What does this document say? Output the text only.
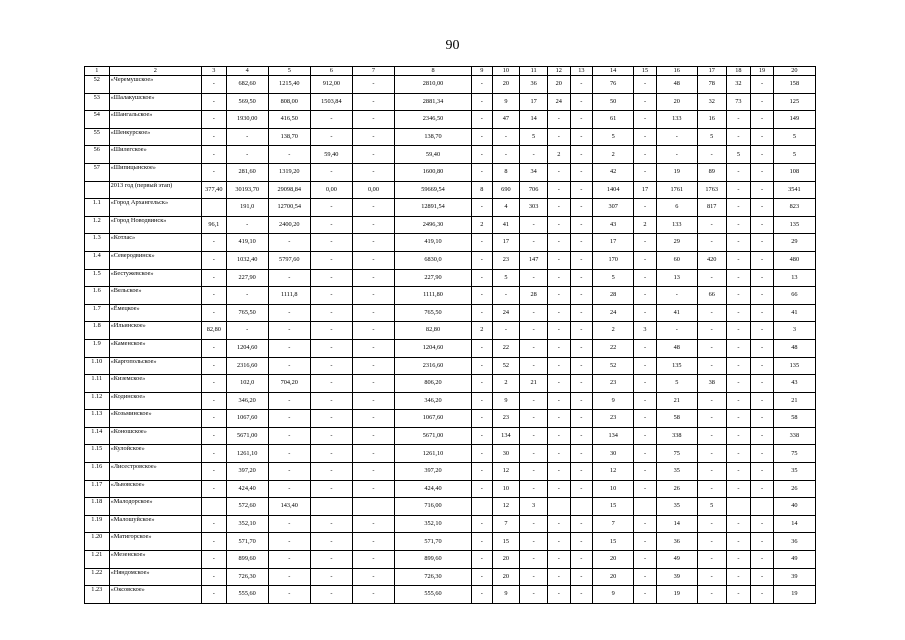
90
1	2	3	4	5	6	7	8	9	10	11	12	13	14	15	16	17	18	19	20
52	«Черемушское»	-	682,60	1215,40	912,00	-	2810,00	-	20	36	20	-	76	-	48	78	32	-	158
53	«Шалакушское»	-	569,50	808,00	1503,84	-	2881,34	-	9	17	24	-	50	-	20	32	73	-	125
54	«Шангальское»	-	1930,00	416,50	-	-	2346,50	-	47	14	-	-	61	-	133	16	-	-	149
55	«Шенкурское»	-	-	138,70	-	-	138,70	-	-	5	-	-	5	-	-	5	-	-	5
56	«Шилегское»	-	-	-	59,40	-	59,40	-	-	-	2	-	2	-	-	-	5	-	5
57	«Шипицынское»	-	281,60	1319,20	-	-	1600,80	-	8	34	-	-	42	-	19	89	-	-	108
	2013 год (первый этап)	377,40	30193,70	29098,84	0,00	0,00	59669,54	8	690	706	-	-	1404	17	1761	1763	-	-	3541
1.1	«Город Архангельск»		191,0	12700,54	-	-	12891,54	-	4	303	-	-	307	-	6	817	-	-	823
1.2	«Город Новодвинск»	96,1	-	2400,20	-	-	2496,30	2	41	-	-	-	43	2	133	-	-	-	135
1.3	«Котлас»	-	419,10	-	-	-	419,10	-	17	-	-	-	17	-	29	-	-	-	29
1.4	«Северодвинск»	-	1032,40	5797,60	-	-	6830,0	-	23	147	-	-	170	-	60	420	-	-	480
1.5	«Бестужевское»	-	227,90	-	-	-	227,90	-	5	-	-	-	5	-	13	-	-	-	13
1.6	«Вельское»	-	-	1111,8	-	-	1111,80	-	-	28	-	-	28	-	-	66	-	-	66
1.7	«Ёмецкое»	-	765,50	-	-	-	765,50	-	24	-	-	-	24	-	41	-	-	-	41
1.8	«Ильинское»	82,80	-	-	-	-	82,80	2	-	-	-	-	2	3	-	-	-	-	3
1.9	«Каменское»	-	1204,60	-	-	-	1204,60	-	22	-	-	-	22	-	48	-	-	-	48
1.10	«Каргопольское»	-	2316,60	-	-	-	2316,60	-	52	-	-	-	52	-	135	-	-	-	135
1.11	«Киземское»	-	102,0	704,20	-	-	806,20	-	2	21	-	-	23	-	5	38	-	-	43
1.12	«Кодинское»	-	346,20	-	-	-	346,20	-	9	-	-	-	9	-	21	-	-	-	21
1.13	«Козьминское»	-	1067,60	-	-	-	1067,60	-	23	-	-	-	23	-	58	-	-	-	58
1.14	«Коношское»	-	5671,00	-	-	-	5671,00	-	134	-	-	-	134	-	338	-	-	-	338
1.15	«Кулойское»	-	1261,10	-	-	-	1261,10	-	30	-	-	-	30	-	75	-	-	-	75
1.16	«Лисестровское»	-	397,20	-	-	-	397,20	-	12	-	-	-	12	-	35	-	-	-	35
1.17	«Львовское»	-	424,40	-	-	-	424,40	-	10	-	-	-	10	-	26	-	-	-	26
1.18	«Малодорское»		572,60	143,40			716,00		12	3			15		35	5			40
1.19	«Малошуйское»	-	352,10	-	-	-	352,10	-	7	-	-	-	7	-	14	-	-	-	14
1.20	«Матигорское»	-	571,70	-	-	-	571,70	-	15	-	-	-	15	-	36	-	-	-	36
1.21	«Мезенское»	-	899,60	-	-	-	899,60	-	20	-	-	-	20	-	49	-	-	-	49
1.22	«Няндомское»	-	726,30	-	-	-	726,30	-	20	-	-	-	20	-	39	-	-	-	39
1.23	«Оксовское»	-	555,60	-	-	-	555,60	-	9	-	-	-	9	-	19	-	-	-	19
